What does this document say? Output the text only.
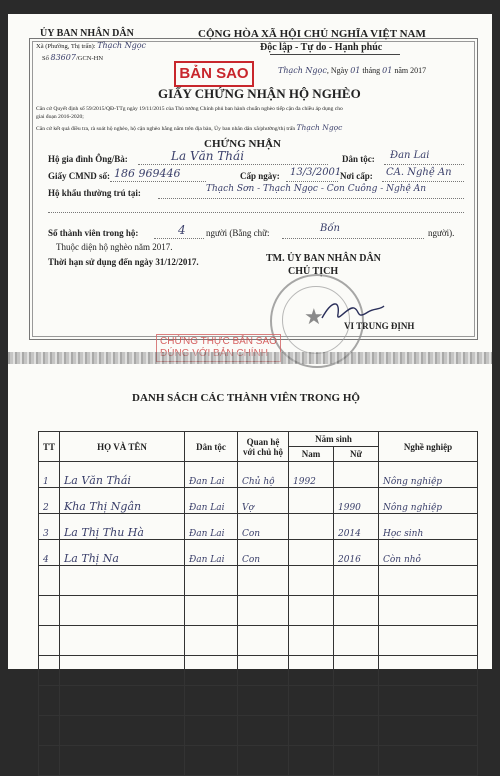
ỦY BAN NHÂN DÂN
Xã (Phường, Thị trấn): Thạch Ngọc
Số 83607/GCN-HN
CỘNG HÒA XÃ HỘI CHỦ NGHĨA VIỆT NAM
Độc lập - Tự do - Hạnh phúc
BẢN SAO	Thạch Ngọc, Ngày 01 tháng 01 năm 2017
GIẤY CHỨNG NHẬN HỘ NGHÈO
Căn cứ Quyết định số 59/2015/QĐ-TTg ngày 19/11/2015 của Thủ tướng Chính phủ ban hành chuẩn nghèo tiếp cận đa chiều áp dụng cho
giai đoạn 2016-2020;
Căn cứ kết quả điều tra, rà soát hộ nghèo, hộ cận nghèo hằng năm trên địa bàn, Ủy ban nhân dân xã/phường/thị trấn Thạch Ngọc
CHỨNG NHẬN
Hộ gia đình Ông/Bà:	La Văn Thái	Dân tộc: Đan Lai
Giấy CMND số: 186 969446	Cấp ngày: 13/3/2001
Nơi cấp: CA. Nghệ An
Hộ khẩu thường trú tại:	Thạch Sơn - Thạch Ngọc - Con Cuông - Nghệ An
Số thành viên trong hộ:	4 người (Bằng chữ:	Bốn	người).
Thuộc diện hộ nghèo năm 2017.
Thời hạn sử dụng đến ngày 31/12/2017.	TM. ỦY BAN NHÂN DÂN
CHỦ TỊCH
★ VI TRUNG ĐỊNH
CHỨNG THỰC BẢN SAO
DANH SÁCH CÁC THÀNH VIÊN TRONG HỘ
TT	HỌ VÀ TÊN	Dân tộc	Quan hệ với chủ hộ	Năm sinh		Nghề nghiệp
				Nam	Nữ	
1	La Văn Thái	Đan Lai	Chủ hộ	1992		Nông nghiệp
2	Kha Thị Ngân	Đan Lai	Vợ		1990	Nông nghiệp
3	La Thị Thu Hà	Đan Lai	Con		2014	Học sinh
4	La Thị Na	Đan Lai	Con		2016	Còn nhỏ
